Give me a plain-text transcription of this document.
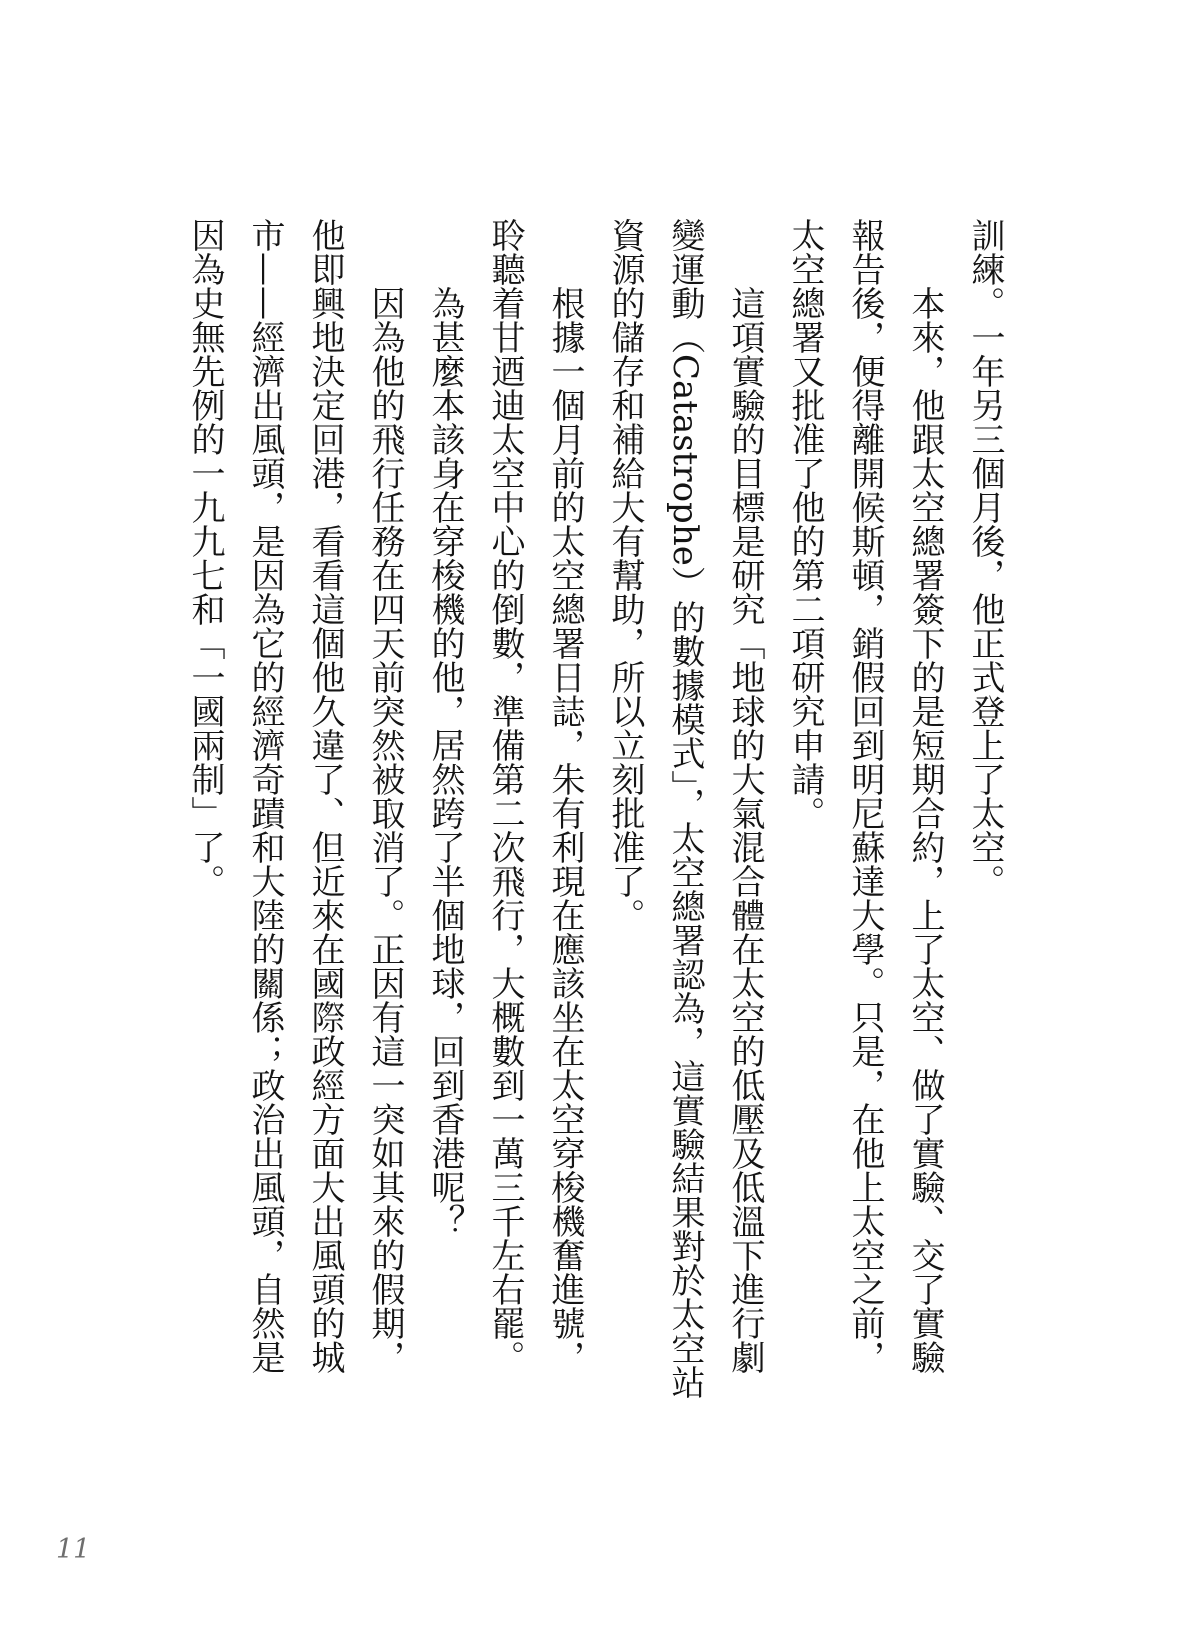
訓練。一年另三個月後，他正式登上了太空。
　　本來，他跟太空總署簽下的是短期合約，上了太空、做了實驗、交了實驗
報告後，便得離開候斯頓，銷假回到明尼蘇達大學。只是，在他上太空之前，
太空總署又批准了他的第二項研究申請。
　　這項實驗的目標是研究「地球的大氣混合體在太空的低壓及低溫下進行劇
變運動（Catastrophe）的數據模式」，太空總署認為，這實驗結果對於太空站
資源的儲存和補給大有幫助，所以立刻批准了。
　　根據一個月前的太空總署日誌，朱有利現在應該坐在太空穿梭機奮進號，
聆聽着甘迺迪太空中心的倒數，準備第二次飛行，大概數到一萬三千左右罷。
　　為甚麼本該身在穿梭機的他，居然跨了半個地球，回到香港呢？
　　因為他的飛行任務在四天前突然被取消了。正因有這一突如其來的假期，
他即興地決定回港，看看這個他久違了、但近來在國際政經方面大出風頭的城
市——經濟出風頭，是因為它的經濟奇蹟和大陸的關係；政治出風頭，自然是
因為史無先例的一九九七和「一國兩制」了。
11
